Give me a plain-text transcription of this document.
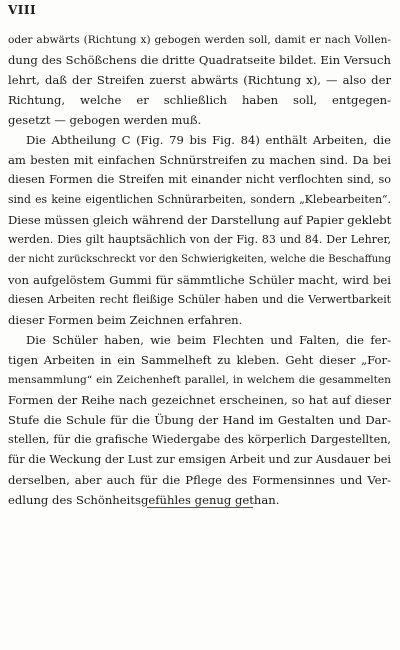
VIII
oder abwärts (Richtung x) gebogen werden soll, damit er nach Vollen-
dung des Schößchens die dritte Quadratseite bildet. Ein Versuch
lehrt, daß der Streifen zuerst abwärts (Richtung x), — also der
Richtung, welche er schließlich haben soll, entgegen-
gesetzt — gebogen werden muß.
Die Abtheilung C (Fig. 79 bis Fig. 84) enthält Arbeiten, die
am besten mit einfachen Schnürstreifen zu machen sind. Da bei
diesen Formen die Streifen mit einander nicht verflochten sind, so
sind es keine eigentlichen Schnürarbeiten, sondern „Klebearbeiten“.
Diese müssen gleich während der Darstellung auf Papier geklebt
werden. Dies gilt hauptsächlich von der Fig. 83 und 84. Der Lehrer,
der nicht zurückschreckt vor den Schwierigkeiten, welche die Beschaffung
von aufgelöstem Gummi für sämmtliche Schüler macht, wird bei
diesen Arbeiten recht fleißige Schüler haben und die Verwertbarkeit
dieser Formen beim Zeichnen erfahren.
Die Schüler haben, wie beim Flechten und Falten, die fer-
tigen Arbeiten in ein Sammelheft zu kleben. Geht dieser „For-
mensammlung“ ein Zeichenheft parallel, in welchem die gesammelten
Formen der Reihe nach gezeichnet erscheinen, so hat auf dieser
Stufe die Schule für die Übung der Hand im Gestalten und Dar-
stellen, für die grafische Wiedergabe des körperlich Dargestellten,
für die Weckung der Lust zur emsigen Arbeit und zur Ausdauer bei
derselben, aber auch für die Pflege des Formensinnes und Ver-
edlung des Schönheitsgefühles genug gethan.
